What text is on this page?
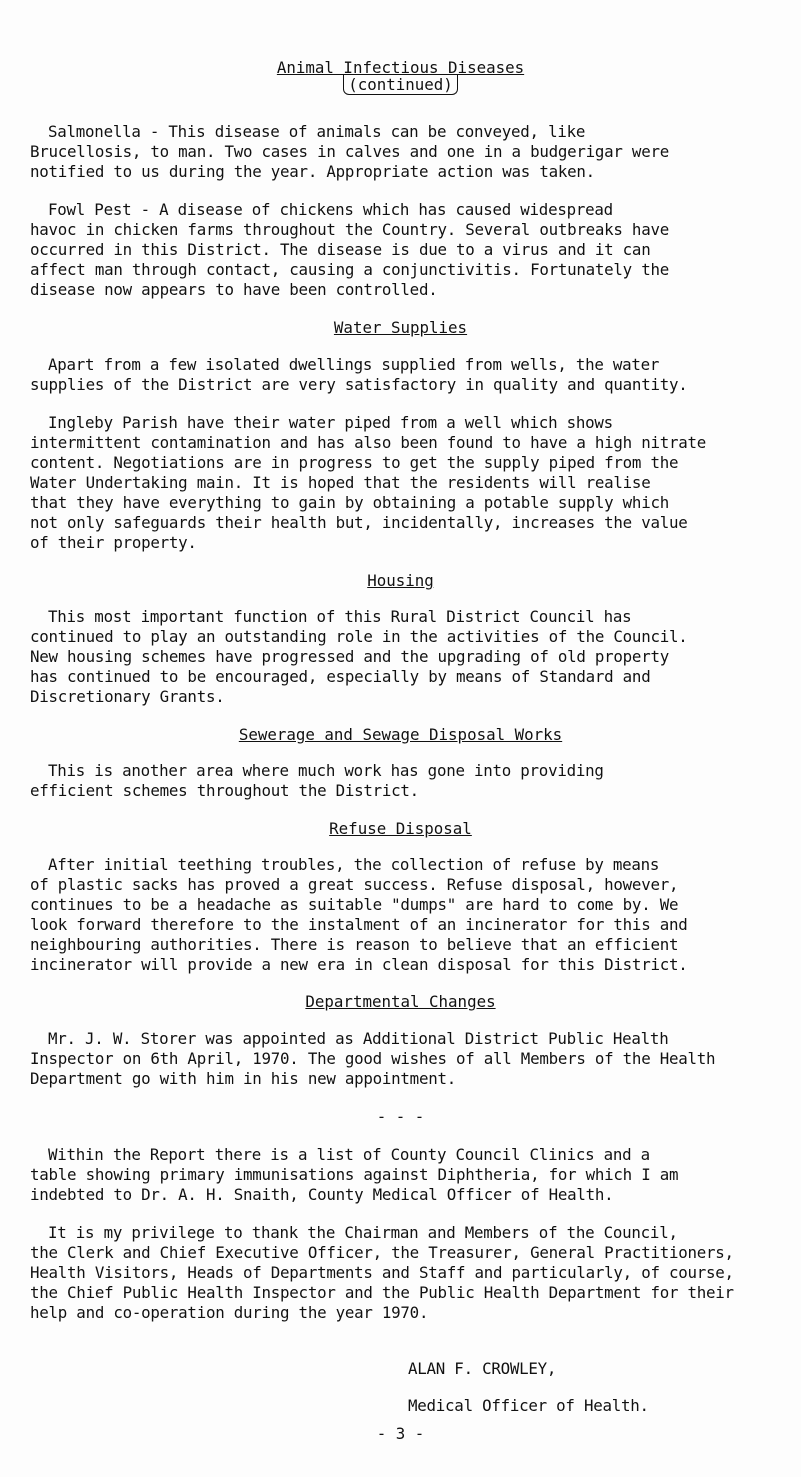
Animal Infectious Diseases
(continued)
Salmonella - This disease of animals can be conveyed, like
Brucellosis, to man. Two cases in calves and one in a budgerigar were
notified to us during the year. Appropriate action was taken.
Fowl Pest - A disease of chickens which has caused widespread
havoc in chicken farms throughout the Country. Several outbreaks have
occurred in this District. The disease is due to a virus and it can
affect man through contact, causing a conjunctivitis. Fortunately the
disease now appears to have been controlled.
Water Supplies
Apart from a few isolated dwellings supplied from wells, the water
supplies of the District are very satisfactory in quality and quantity.
Ingleby Parish have their water piped from a well which shows
intermittent contamination and has also been found to have a high nitrate
content. Negotiations are in progress to get the supply piped from the
Water Undertaking main. It is hoped that the residents will realise
that they have everything to gain by obtaining a potable supply which
not only safeguards their health but, incidentally, increases the value
of their property.
Housing
This most important function of this Rural District Council has
continued to play an outstanding role in the activities of the Council.
New housing schemes have progressed and the upgrading of old property
has continued to be encouraged, especially by means of Standard and
Discretionary Grants.
Sewerage and Sewage Disposal Works
This is another area where much work has gone into providing
efficient schemes throughout the District.
Refuse Disposal
After initial teething troubles, the collection of refuse by means
of plastic sacks has proved a great success. Refuse disposal, however,
continues to be a headache as suitable "dumps" are hard to come by. We
look forward therefore to the instalment of an incinerator for this and
neighbouring authorities. There is reason to believe that an efficient
incinerator will provide a new era in clean disposal for this District.
Departmental Changes
Mr. J. W. Storer was appointed as Additional District Public Health
Inspector on 6th April, 1970. The good wishes of all Members of the Health
Department go with him in his new appointment.
- - -
Within the Report there is a list of County Council Clinics and a
table showing primary immunisations against Diphtheria, for which I am
indebted to Dr. A. H. Snaith, County Medical Officer of Health.
It is my privilege to thank the Chairman and Members of the Council,
the Clerk and Chief Executive Officer, the Treasurer, General Practitioners,
Health Visitors, Heads of Departments and Staff and particularly, of course,
the Chief Public Health Inspector and the Public Health Department for their
help and co-operation during the year 1970.
ALAN F. CROWLEY,
Medical Officer of Health.
- 3 -
